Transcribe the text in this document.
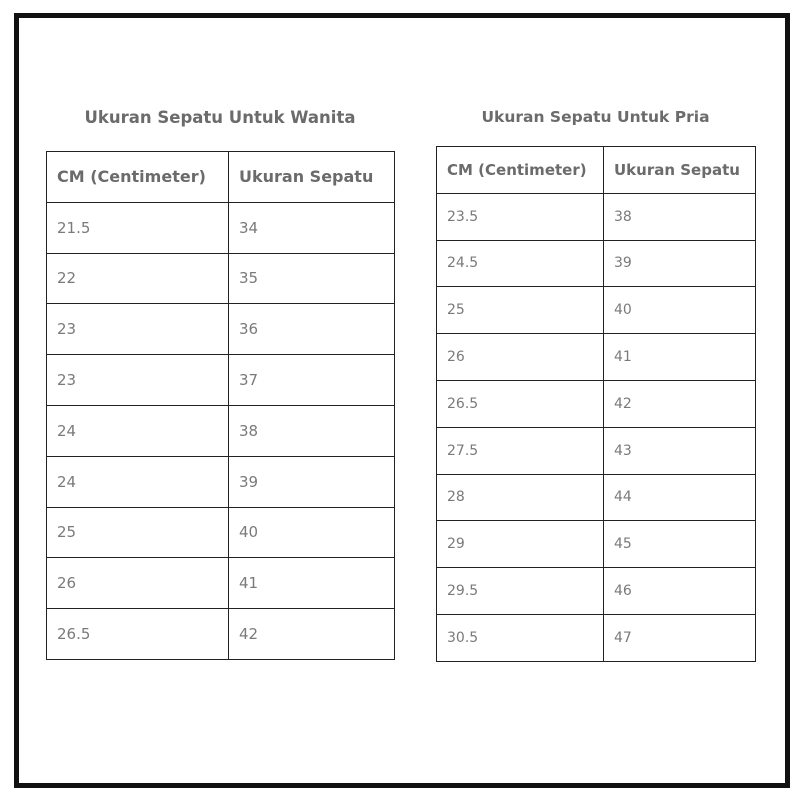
Ukuran Sepatu Untuk Wanita
CM (Centimeter)	Ukuran Sepatu
21.5	34
22	35
23	36
23	37
24	38
24	39
25	40
26	41
26.5	42
Ukuran Sepatu Untuk Pria
CM (Centimeter)	Ukuran Sepatu
23.5	38
24.5	39
25	40
26	41
26.5	42
27.5	43
28	44
29	45
29.5	46
30.5	47
